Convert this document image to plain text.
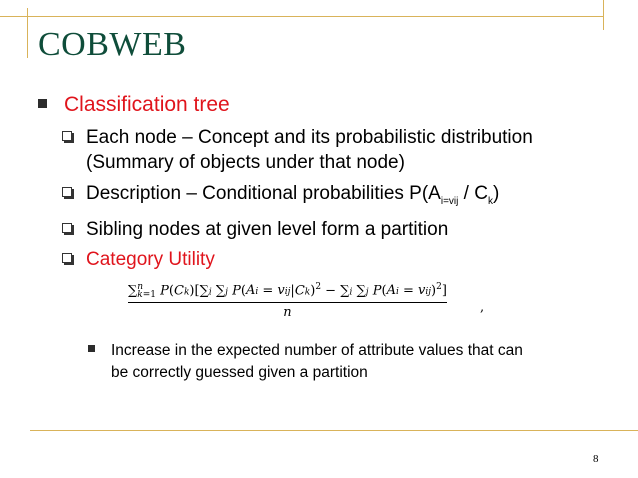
COBWEB
Classification tree
Each node – Concept and its probabilistic distribution
(Summary of objects under that node)
Description – Conditional probabilities $P(A_{i=vij} / C_k)$
Sibling nodes at given level form a partition
Category Utility
∑n
k=1 P(Ck)[∑i ∑j P(Ai = vij|Ck)$^2$ − ∑i ∑j P(Ai = vij)$^2$]
n	,
Increase in the expected number of attribute values that can
be correctly guessed given a partition
8
